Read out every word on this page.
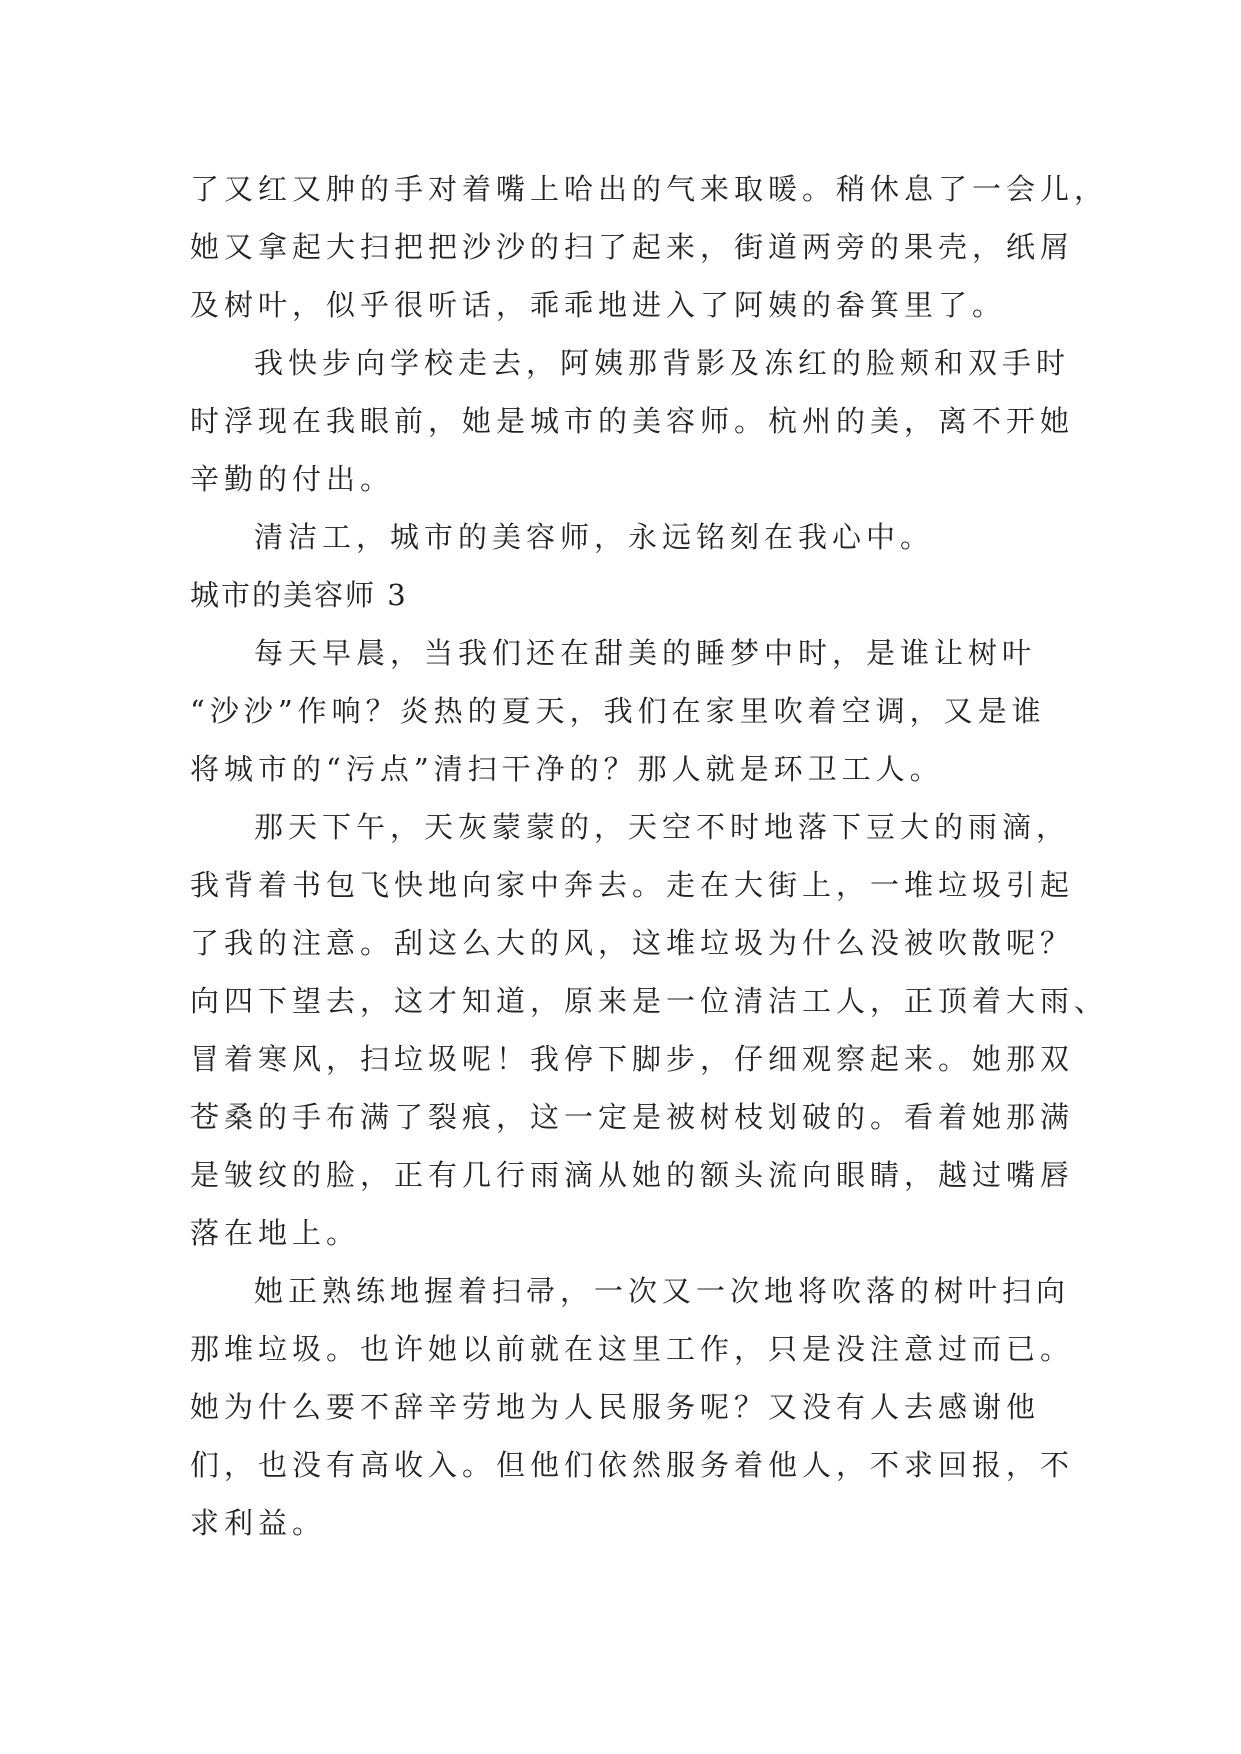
了又红又肿的手对着嘴上哈出的气来取暖。稍休息了一会儿，
她又拿起大扫把把沙沙的扫了起来，街道两旁的果壳，纸屑
及树叶，似乎很听话，乖乖地进入了阿姨的畚箕里了。
我快步向学校走去，阿姨那背影及冻红的脸颊和双手时
时浮现在我眼前，她是城市的美容师。杭州的美，离不开她
辛勤的付出。
清洁工，城市的美容师，永远铭刻在我心中。
城市的美容师 3
每天早晨，当我们还在甜美的睡梦中时，是谁让树叶
“沙沙”作响？炎热的夏天，我们在家里吹着空调，又是谁
将城市的“污点”清扫干净的？那人就是环卫工人。
那天下午，天灰蒙蒙的，天空不时地落下豆大的雨滴，
我背着书包飞快地向家中奔去。走在大街上，一堆垃圾引起
了我的注意。刮这么大的风，这堆垃圾为什么没被吹散呢？
向四下望去，这才知道，原来是一位清洁工人，正顶着大雨、
冒着寒风，扫垃圾呢！我停下脚步，仔细观察起来。她那双
苍桑的手布满了裂痕，这一定是被树枝划破的。看着她那满
是皱纹的脸，正有几行雨滴从她的额头流向眼睛，越过嘴唇
落在地上。
她正熟练地握着扫帚，一次又一次地将吹落的树叶扫向
那堆垃圾。也许她以前就在这里工作，只是没注意过而已。
她为什么要不辞辛劳地为人民服务呢？又没有人去感谢他
们，也没有高收入。但他们依然服务着他人，不求回报，不
求利益。
